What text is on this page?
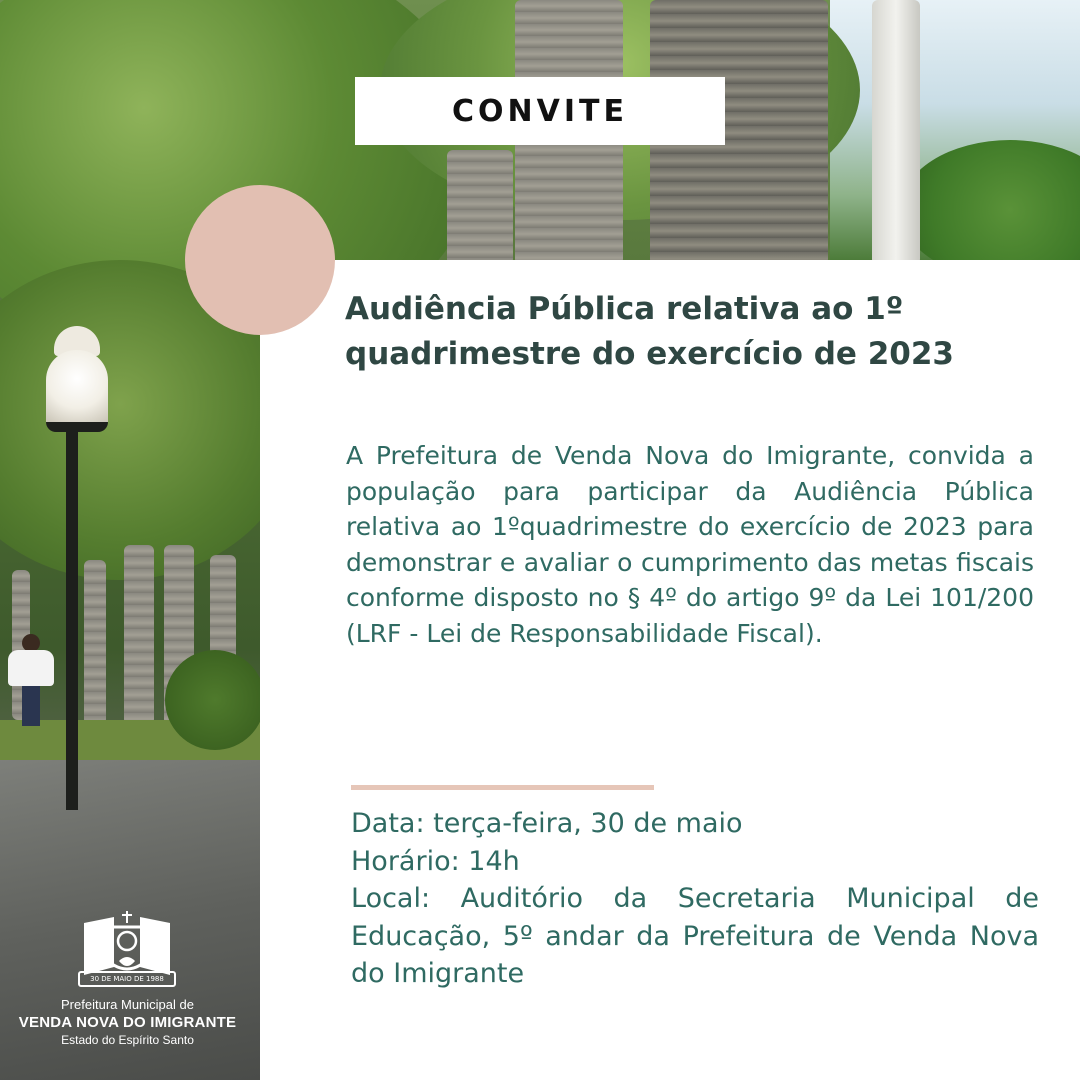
CONVITE
Audiência Pública relativa ao 1º quadrimestre do exercício de 2023

A Prefeitura de Venda Nova do Imigrante, convida a população para participar da Audiência Pública relativa ao 1ºquadrimestre do exercício de 2023 para demonstrar e avaliar o cumprimento das metas fiscais conforme disposto no § 4º do artigo 9º da Lei 101/200 (LRF - Lei de Responsabilidade Fiscal).

Data: terça-feira, 30 de maio
Horário: 14h
Local: Auditório da Secretaria Municipal de Educação, 5º andar da Prefeitura de Venda Nova do Imigrante
30 DE MAIO DE 1988
Prefeitura Municipal de
VENDA NOVA DO IMIGRANTE
Estado do Espírito Santo
